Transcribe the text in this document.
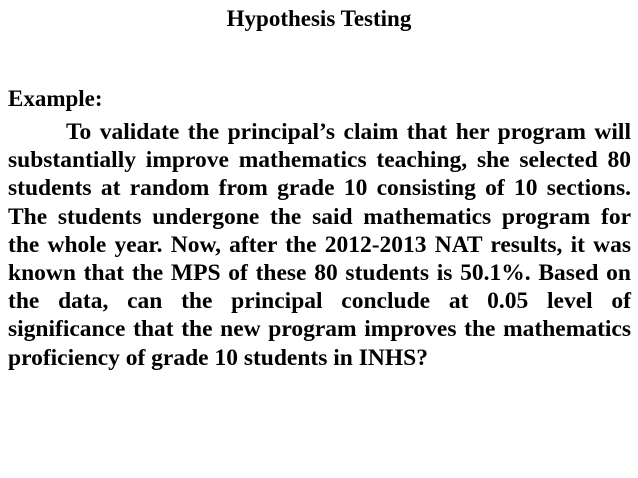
Hypothesis Testing
Example:

To validate the principal’s claim that her program will substantially improve mathematics teaching, she selected 80 students at random from grade 10 consisting of 10 sections. The students undergone the said mathematics program for the whole year. Now, after the 2012-2013 NAT results, it was known that the MPS of these 80 students is 50.1%. Based on the data, can the principal conclude at 0.05 level of significance that the new program improves the mathematics proficiency of grade 10 students in INHS?
